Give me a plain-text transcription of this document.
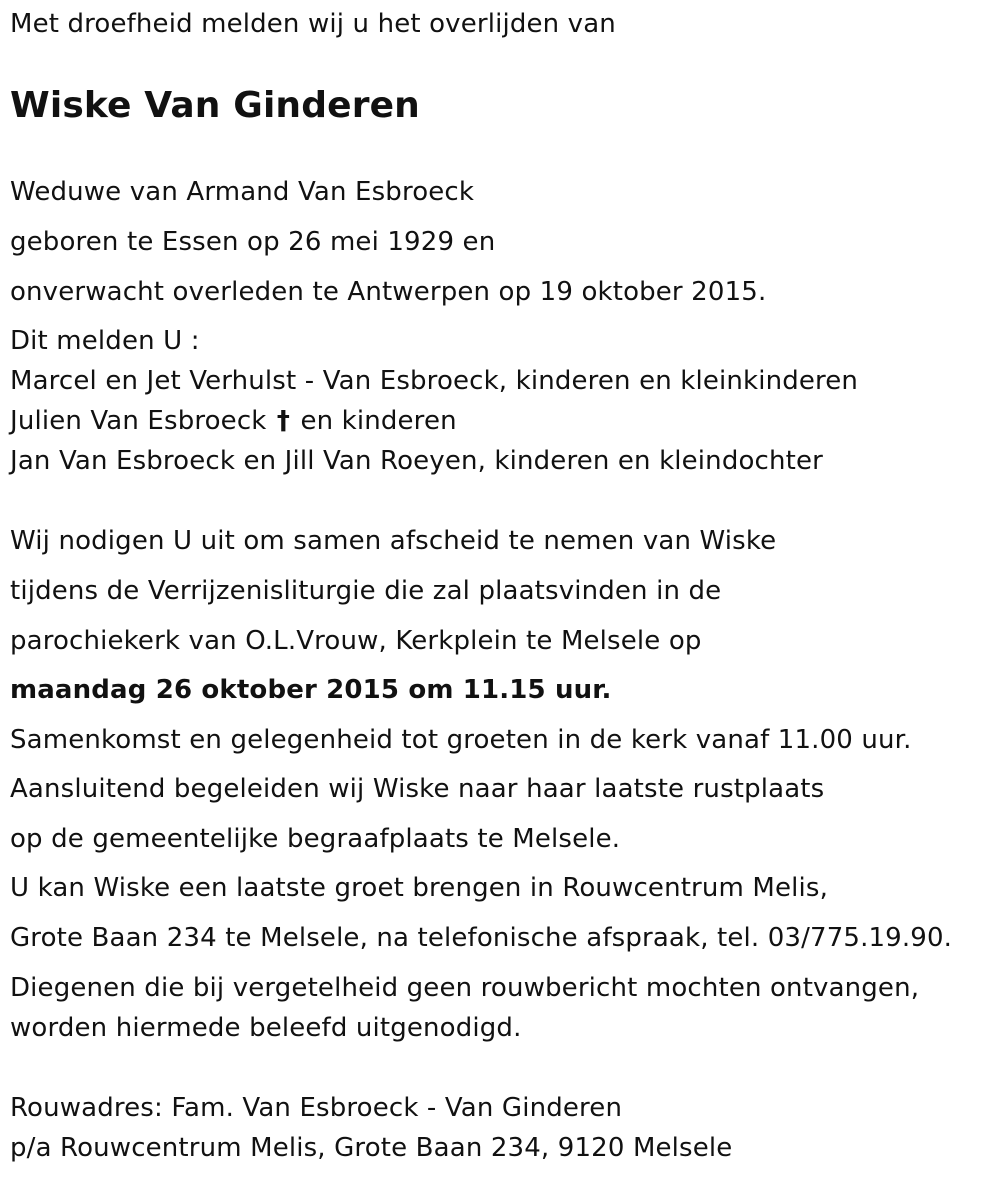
Met droefheid melden wij u het overlijden van
Wiske Van Ginderen
Weduwe van Armand Van Esbroeck
geboren te Essen op 26 mei 1929 en
onverwacht overleden te Antwerpen op 19 oktober 2015.
Dit melden U :
Marcel en Jet Verhulst - Van Esbroeck, kinderen en kleinkinderen
Julien Van Esbroeck † en kinderen
Jan Van Esbroeck en Jill Van Roeyen, kinderen en kleindochter
Wij nodigen U uit om samen afscheid te nemen van Wiske
tijdens de Verrijzenisliturgie die zal plaatsvinden in de
parochiekerk van O.L.Vrouw, Kerkplein te Melsele op
maandag 26 oktober 2015 om 11.15 uur.
Samenkomst en gelegenheid tot groeten in de kerk vanaf 11.00 uur.
Aansluitend begeleiden wij Wiske naar haar laatste rustplaats
op de gemeentelijke begraafplaats te Melsele.
U kan Wiske een laatste groet brengen in Rouwcentrum Melis,
Grote Baan 234 te Melsele, na telefonische afspraak, tel. 03/775.19.90.
Diegenen die bij vergetelheid geen rouwbericht mochten ontvangen,
worden hiermede beleefd uitgenodigd.
Rouwadres: Fam. Van Esbroeck - Van Ginderen
p/a Rouwcentrum Melis, Grote Baan 234, 9120 Melsele
